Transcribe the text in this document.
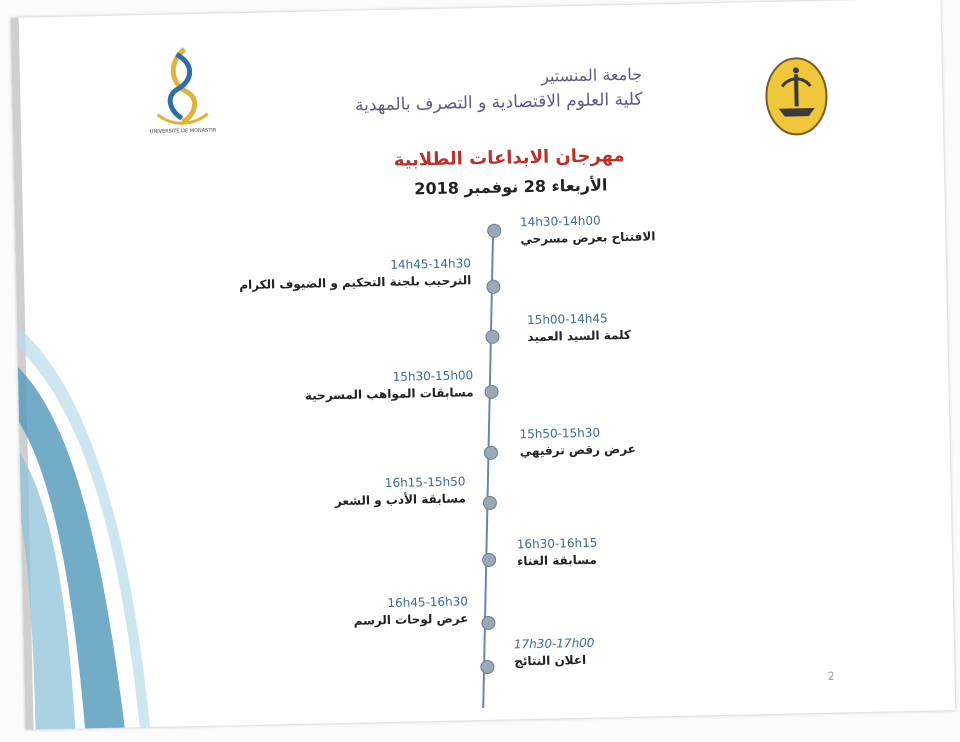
UNIVERSITÉ DE MONASTIR

جامعة المنستير

كلية العلوم الاقتصادية و التصرف بالمهدية

مهرجان الابداعات الطلابية
الأربعاء 28 نوفمبر 2018
14h30-14h00
الافتتاح بعرض مسرحي
14h45-14h30
الترحيب بلجنة التحكيم و الضيوف الكرام
15h00-14h45
كلمة السيد العميد
15h30-15h00
مسابقات المواهب المسرحية
15h50-15h30
عرض رقص ترفيهي
16h15-15h50
مسابقة الأدب و الشعر
16h30-16h15
مسابقة الغناء
16h45-16h30
عرض لوحات الرسم
17h30-17h00
اعلان النتائج
2
